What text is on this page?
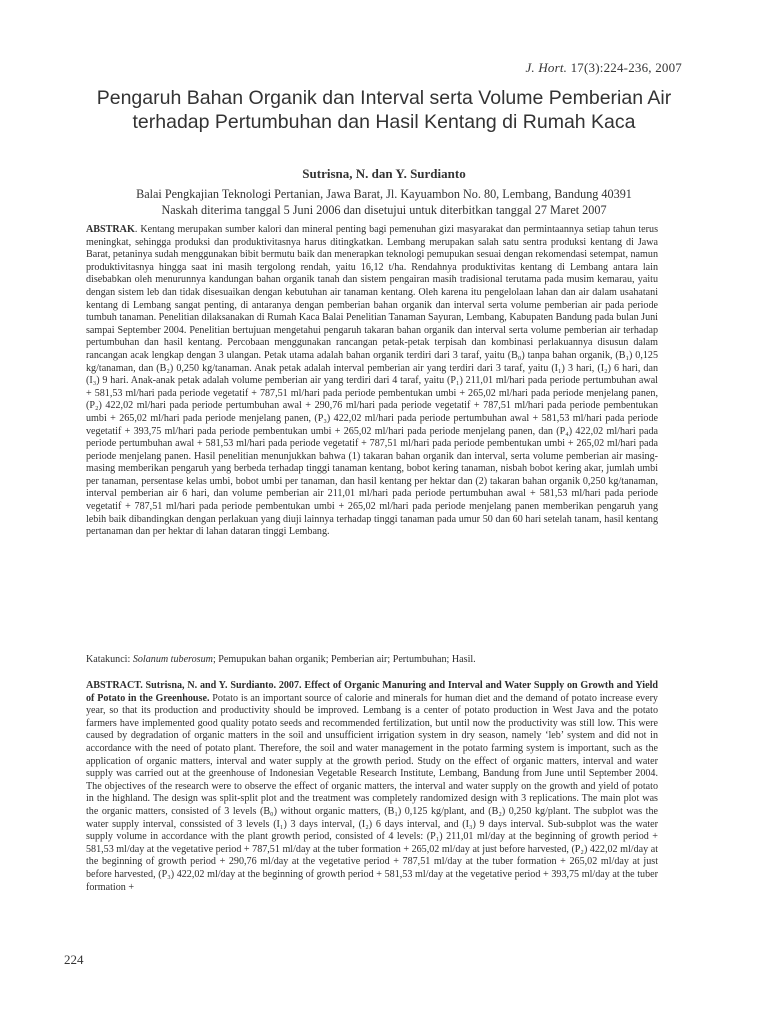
J. Hort. 17(3):224-236, 2007
Pengaruh Bahan Organik dan Interval serta Volume Pemberian Air terhadap Pertumbuhan dan Hasil Kentang di Rumah Kaca
Sutrisna, N. dan Y. Surdianto
Balai Pengkajian Teknologi Pertanian, Jawa Barat, Jl. Kayuambon No. 80, Lembang, Bandung 40391
Naskah diterima tanggal 5 Juni 2006 dan disetujui untuk diterbitkan tanggal 27 Maret 2007

ABSTRAK. Kentang merupakan sumber kalori dan mineral penting bagi pemenuhan gizi masyarakat dan permintaannya setiap tahun terus meningkat, sehingga produksi dan produktivitasnya harus ditingkatkan. Lembang merupakan salah satu sentra produksi kentang di Jawa Barat, petaninya sudah menggunakan bibit bermutu baik dan menerapkan teknologi pemupukan sesuai dengan rekomendasi setempat, namun produktivitasnya hingga saat ini masih tergolong rendah, yaitu 16,12 t/ha. Rendahnya produktivitas kentang di Lembang antara lain disebabkan oleh menurunnya kandungan bahan organik tanah dan sistem pengairan masih tradisional terutama pada musim kemarau, yaitu dengan sistem leb dan tidak disesuaikan dengan kebutuhan air tanaman kentang. Oleh karena itu pengelolaan lahan dan air dalam usahatani kentang di Lembang sangat penting, di antaranya dengan pemberian bahan organik dan interval serta volume pemberian air pada periode tumbuh tanaman. Penelitian dilaksanakan di Rumah Kaca Balai Penelitian Tanaman Sayuran, Lembang, Kabupaten Bandung pada bulan Juni sampai September 2004. Penelitian bertujuan mengetahui pengaruh takaran bahan organik dan interval serta volume pemberian air terhadap pertumbuhan dan hasil kentang. Percobaan menggunakan rancangan petak-petak terpisah dan kombinasi perlakuannya disusun dalam rancangan acak lengkap dengan 3 ulangan. Petak utama adalah bahan organik terdiri dari 3 taraf, yaitu (B₀) tanpa bahan organik, (B₁) 0,125 kg/tanaman, dan (B₂) 0,250 kg/tanaman. Anak petak adalah interval pemberian air yang terdiri dari 3 taraf, yaitu (I₁) 3 hari, (I₂) 6 hari, dan (I₃) 9 hari. Anak-anak petak adalah volume pemberian air yang terdiri dari 4 taraf, yaitu (P₁) 211,01 ml/hari pada periode pertumbuhan awal + 581,53 ml/hari pada periode vegetatif + 787,51 ml/hari pada periode pembentukan umbi + 265,02 ml/hari pada periode menjelang panen, (P₂) 422,02 ml/hari pada periode pertumbuhan awal + 290,76 ml/hari pada periode vegetatif + 787,51 ml/hari pada periode pembentukan umbi + 265,02 ml/hari pada periode menjelang panen, (P₃) 422,02 ml/hari pada periode pertumbuhan awal + 581,53 ml/hari pada periode vegetatif + 393,75 ml/hari pada periode pembentukan umbi + 265,02 ml/hari pada periode menjelang panen, dan (P₄) 422,02 ml/hari pada periode pertumbuhan awal + 581,53 ml/hari pada periode vegetatif + 787,51 ml/hari pada periode pembentukan umbi + 265,02 ml/hari pada periode menjelang panen. Hasil penelitian menunjukkan bahwa (1) takaran bahan organik dan interval, serta volume pemberian air masing-masing memberikan pengaruh yang berbeda terhadap tinggi tanaman kentang, bobot kering tanaman, nisbah bobot kering akar, jumlah umbi per tanaman, persentase kelas umbi, bobot umbi per tanaman, dan hasil kentang per hektar dan (2) takaran bahan organik 0,250 kg/tanaman, interval pemberian air 6 hari, dan volume pemberian air 211,01 ml/hari pada periode pertumbuhan awal + 581,53 ml/hari pada periode vegetatif + 787,51 ml/hari pada periode pembentukan umbi + 265,02 ml/hari pada periode menjelang panen memberikan pengaruh yang lebih baik dibandingkan dengan perlakuan yang diuji lainnya terhadap tinggi tanaman pada umur 50 dan 60 hari setelah tanam, hasil kentang pertanaman dan per hektar di lahan dataran tinggi Lembang.

Katakunci: Solanum tuberosum; Pemupukan bahan organik; Pemberian air; Pertumbuhan; Hasil.

ABSTRACT. Sutrisna, N. and Y. Surdianto. 2007. Effect of Organic Manuring and Interval and Water Supply on Growth and Yield of Potato in the Greenhouse. Potato is an important source of calorie and minerals for human diet and the demand of potato increase every year, so that its production and productivity should be improved. Lembang is a center of potato production in West Java and the potato farmers have implemented good quality potato seeds and recommended fertilization, but until now the productivity was still low. This were caused by degradation of organic matters in the soil and unsufficient irrigation system in dry season, namely ‘leb’ system and did not in accordance with the need of potato plant. Therefore, the soil and water management in the potato farming system is important, such as the application of organic matters, interval and water supply at the growth period. Study on the effect of organic matters, interval and water supply was carried out at the greenhouse of Indonesian Vegetable Research Institute, Lembang, Bandung from June until September 2004. The objectives of the research were to observe the effect of organic matters, the interval and water supply on the growth and yield of potato in the highland. The design was split-split plot and the treatment was completely randomized design with 3 replications. The main plot was the organic matters, consisted of 3 levels (B₀) without organic matters, (B₁) 0,125 kg/plant, and (B₂) 0,250 kg/plant. The subplot was the water supply interval, conssisted of 3 levels (I₁) 3 days interval, (I₂) 6 days interval, and (I₃) 9 days interval. Sub-subplot was the water supply volume in accordance with the plant growth period, consisted of 4 levels: (P₁) 211,01 ml/day at the beginning of growth period + 581,53 ml/day at the vegetative period + 787,51 ml/day at the tuber formation + 265,02 ml/day at just before harvested, (P₂) 422,02 ml/day at the beginning of growth period + 290,76 ml/day at the vegetative period + 787,51 ml/day at the tuber formation + 265,02 ml/day at just before harvested, (P₃) 422,02 ml/day at the beginning of growth period + 581,53 ml/day at the vegetative period + 393,75 ml/day at the tuber formation +

224
